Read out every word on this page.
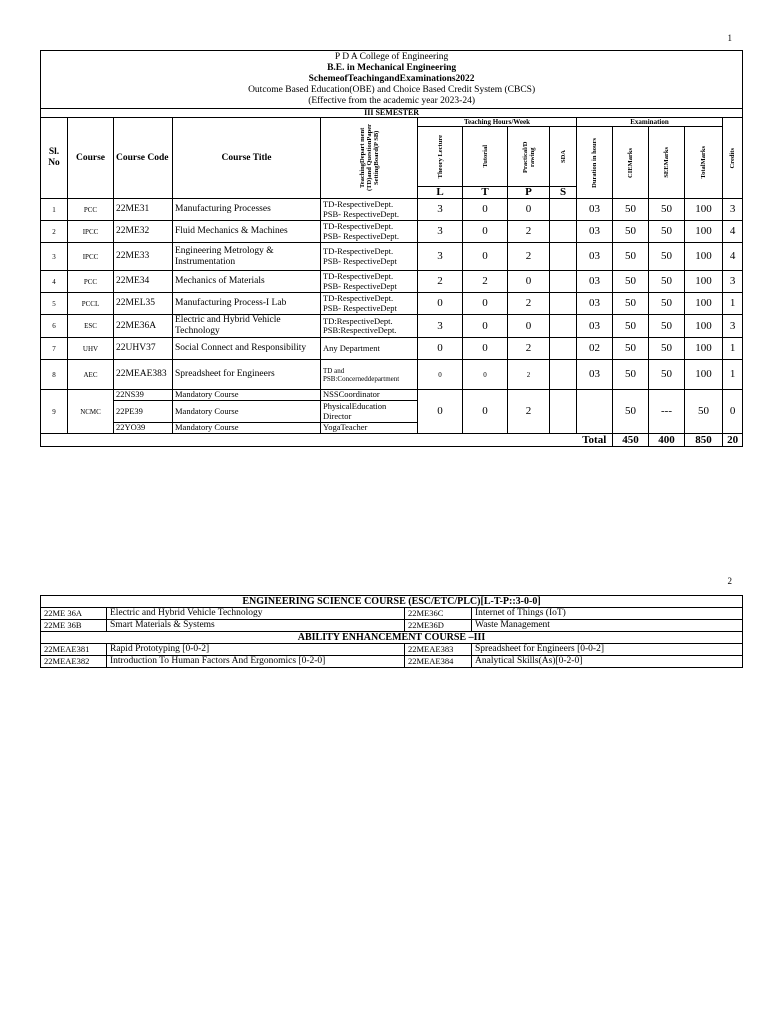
1
P D A College of Engineering
B.E. in Mechanical Engineering
SchemeofTeachingandExaminations2022
Outcome Based Education(OBE) and Choice Based Credit System (CBCS)
(Effective from the academic year 2023-24)													

III SEMESTER													
Sl. No	Course	Course Code	Course Title	TeachingDepart ment (TD)and QuestionPaper SettingBoard(P SB)	Teaching Hours/Week				Examination				Credits

					Theory Lecture	Tutorial	Practical/D rawing	SDA	Duration in hours	CIEMarks	SEEMarks	TotalMarks	

					L	T	P	S					
1	PCC	22ME31	Manufacturing Processes	TD-RespectiveDept.
PSB- RespectiveDept.	3	0	0		03	50	50	100	3
2	IPCC	22ME32	Fluid Mechanics & Machines	TD-RespectiveDept.
PSB- RespectiveDept.	3	0	2		03	50	50	100	4
3	IPCC	22ME33	Engineering Metrology & Instrumentation	TD-RespectiveDept.
PSB- RespectiveDept	3	0	2		03	50	50	100	4
4	PCC	22ME34	Mechanics of Materials	TD-RespectiveDept.
PSB- RespectiveDept	2	2	0		03	50	50	100	3
5	PCCL	22MEL35	Manufacturing Process-I Lab	TD-RespectiveDept.
PSB- RespectiveDept	0	0	2		03	50	50	100	1
6	ESC	22ME36A	Electric and Hybrid Vehicle Technology	TD:RespectiveDept.
PSB:RespectiveDept.	3	0	0		03	50	50	100	3
7	UHV	22UHV37	Social Connect and Responsibility	Any Department	0	0	2		02	50	50	100	1
8	AEC	22MEAE383	Spreadsheet for Engineers	TD and
PSB:Concerneddepartment	0	0	2		03	50	50	100	1
9	NCMC	22NS39	Mandatory Course	NSSCoordinator	0	0	2			50	---	50	0
		22PE39	Mandatory Course	PhysicalEducation Director									
		22YO39	Mandatory Course	YogaTeacher									
									Total	450	400	850	20
2
ENGINEERING SCIENCE COURSE (ESC/ETC/PLC)[L-T-P::3-0-0]			
22ME 36A	Electric and Hybrid Vehicle Technology	22ME36C	Internet of Things (IoT)
22ME 36B	Smart Materials & Systems	22ME36D	Waste Management
ABILITY ENHANCEMENT COURSE –III			
22MEAE381	Rapid Prototyping [0-0-2]	22MEAE383	Spreadsheet for Engineers [0-0-2]
22MEAE382	Introduction To Human Factors And Ergonomics [0-2-0]	22MEAE384	Analytical Skills(As)[0-2-0]
